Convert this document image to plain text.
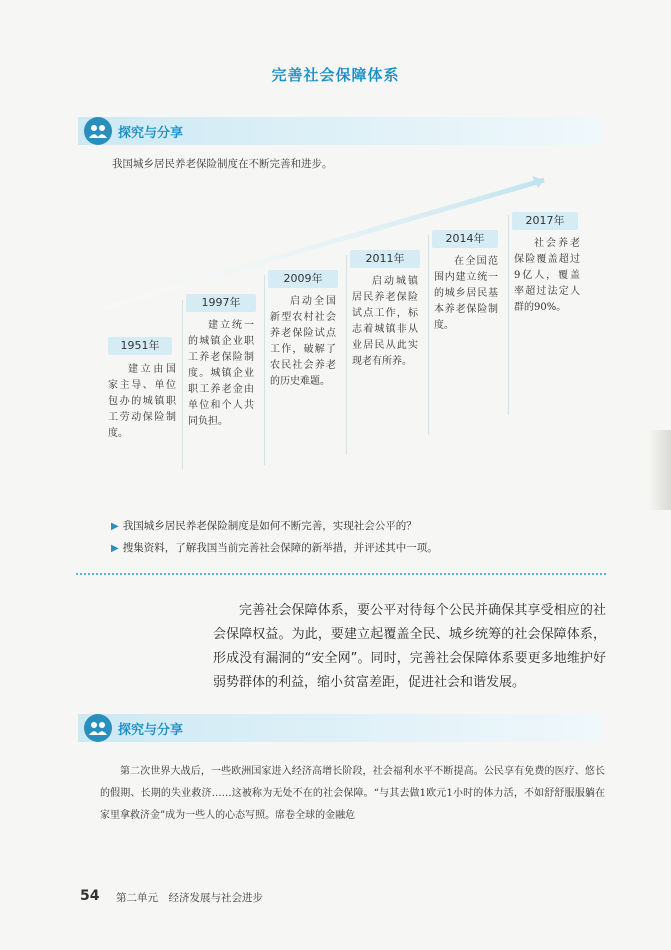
完善社会保障体系
探究与分享
我国城乡居民养老保险制度在不断完善和进步。
1951年
建立由国家主导、单位包办的城镇职工劳动保险制度。
1997年
建立统一的城镇企业职工养老保险制度。城镇企业职工养老金由单位和个人共同负担。
2009年
启动全国新型农村社会养老保险试点工作，破解了农民社会养老的历史难题。
2011年
启动城镇居民养老保险试点工作，标志着城镇非从业居民从此实现老有所养。
2014年
在全国范围内建立统一的城乡居民基本养老保险制度。
2017年
社会养老保险覆盖超过9亿人，覆盖率超过法定人群的90%。
▶ 我国城乡居民养老保险制度是如何不断完善，实现社会公平的？
▶ 搜集资料，了解我国当前完善社会保障的新举措，并评述其中一项。
完善社会保障体系，要公平对待每个公民并确保其享受相应的社会保障权益。为此，要建立起覆盖全民、城乡统筹的社会保障体系，形成没有漏洞的“安全网”。同时，完善社会保障体系要更多地维护好弱势群体的利益，缩小贫富差距，促进社会和谐发展。
探究与分享
第二次世界大战后，一些欧洲国家进入经济高增长阶段，社会福利水平不断提高。公民享有免费的医疗、悠长的假期、长期的失业救济……这被称为无处不在的社会保障。“与其去做1欧元1小时的体力活，不如舒舒服服躺在家里拿救济金”成为一些人的心态写照。席卷全球的金融危
54 第二单元　经济发展与社会进步
